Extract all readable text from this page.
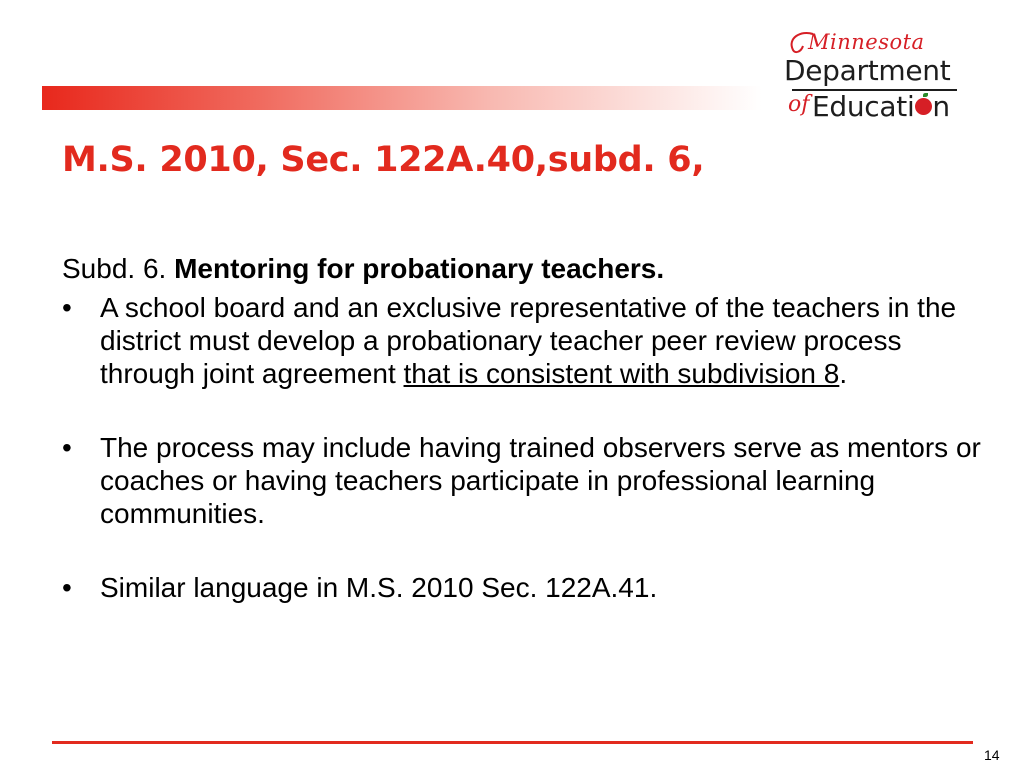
Minnesota
Department
of Educati n
M.S. 2010, Sec. 122A.40,subd. 6,

Subd. 6. Mentoring for probationary teachers.

• A school board and an exclusive representative of the teachers in the district must develop a probationary teacher peer review process through joint agreement that is consistent with subdivision 8.
• The process may include having trained observers serve as mentors or coaches or having teachers participate in professional learning communities.
• Similar language in M.S. 2010 Sec. 122A.41.
14
